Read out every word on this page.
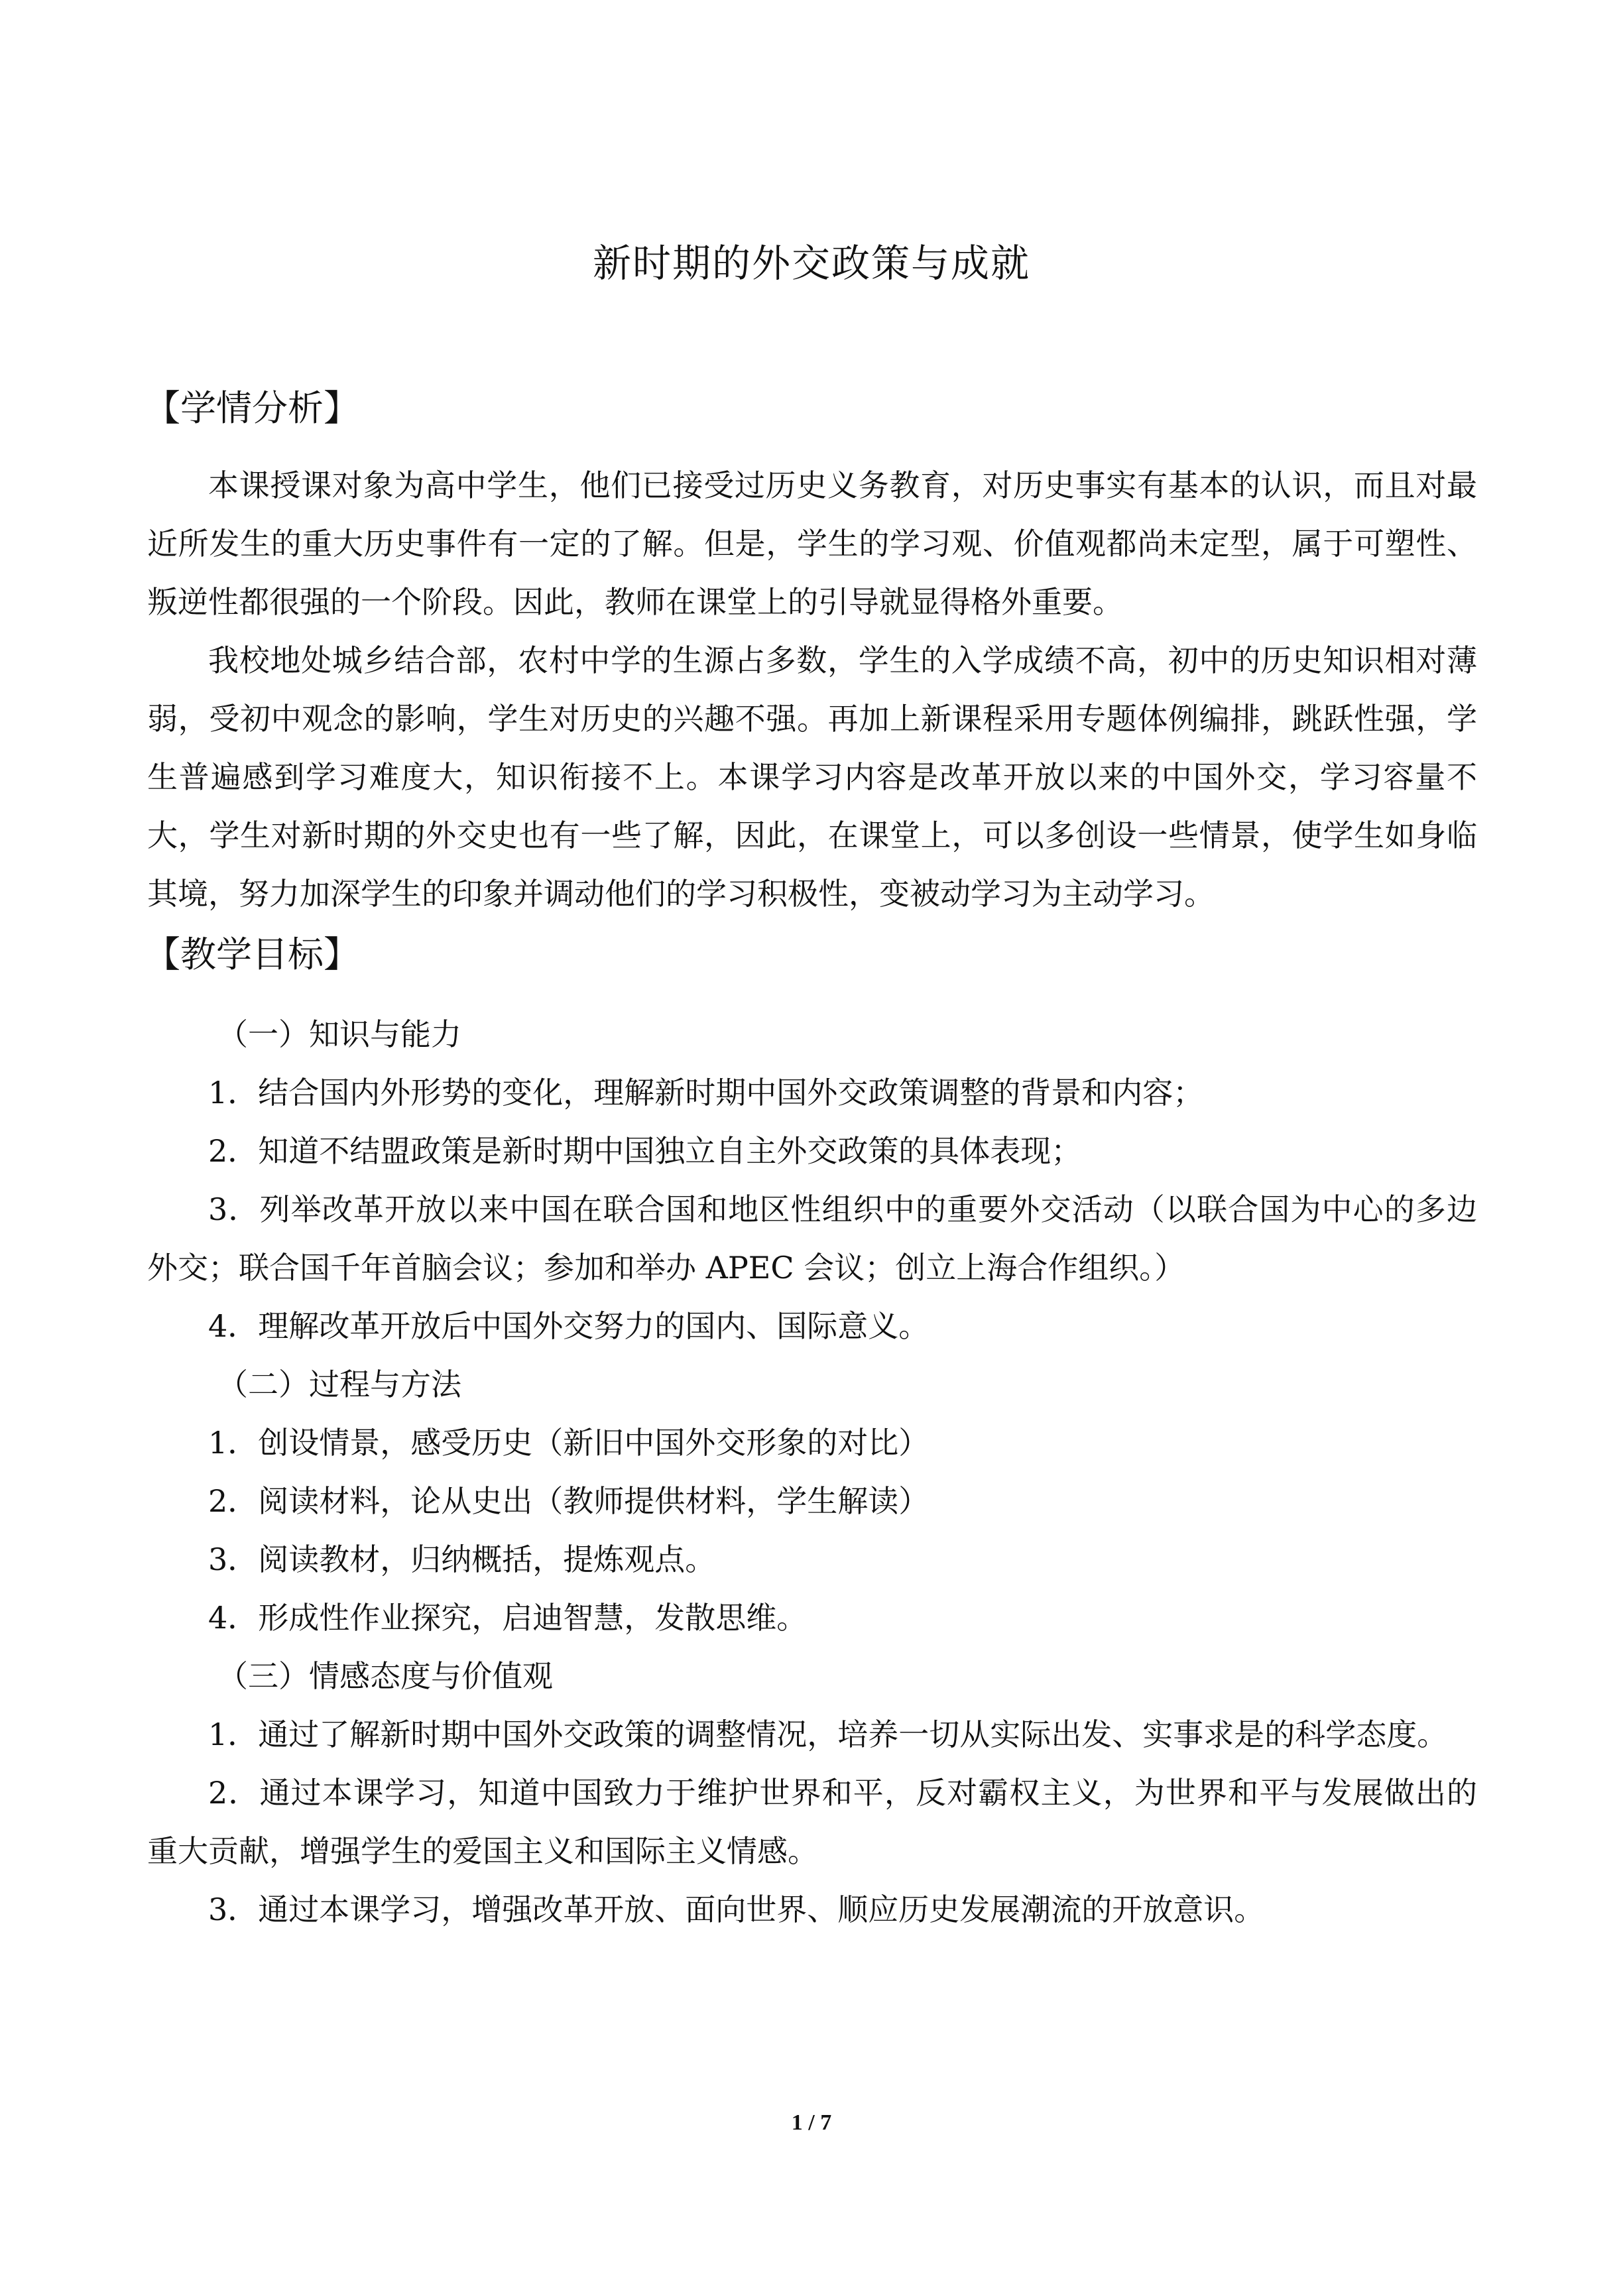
新时期的外交政策与成就
【学情分析】

本课授课对象为高中学生，他们已接受过历史义务教育，对历史事实有基本的认识，而且对最近所发生的重大历史事件有一定的了解。但是，学生的学习观、价值观都尚未定型，属于可塑性、叛逆性都很强的一个阶段。因此，教师在课堂上的引导就显得格外重要。

我校地处城乡结合部，农村中学的生源占多数，学生的入学成绩不高，初中的历史知识相对薄弱，受初中观念的影响，学生对历史的兴趣不强。再加上新课程采用专题体例编排，跳跃性强，学生普遍感到学习难度大，知识衔接不上。本课学习内容是改革开放以来的中国外交，学习容量不大，学生对新时期的外交史也有一些了解，因此，在课堂上，可以多创设一些情景，使学生如身临其境，努力加深学生的印象并调动他们的学习积极性，变被动学习为主动学习。

【教学目标】

（一）知识与能力

1．结合国内外形势的变化，理解新时期中国外交政策调整的背景和内容；

2．知道不结盟政策是新时期中国独立自主外交政策的具体表现；

3．列举改革开放以来中国在联合国和地区性组织中的重要外交活动（以联合国为中心的多边外交；联合国千年首脑会议；参加和举办 APEC 会议；创立上海合作组织。）

4．理解改革开放后中国外交努力的国内、国际意义。

（二）过程与方法

1．创设情景，感受历史（新旧中国外交形象的对比）

2．阅读材料，论从史出（教师提供材料，学生解读）

3．阅读教材，归纳概括，提炼观点。

4．形成性作业探究，启迪智慧，发散思维。

（三）情感态度与价值观

1．通过了解新时期中国外交政策的调整情况，培养一切从实际出发、实事求是的科学态度。

2．通过本课学习，知道中国致力于维护世界和平，反对霸权主义，为世界和平与发展做出的重大贡献，增强学生的爱国主义和国际主义情感。

3．通过本课学习，增强改革开放、面向世界、顺应历史发展潮流的开放意识。

1 / 7
